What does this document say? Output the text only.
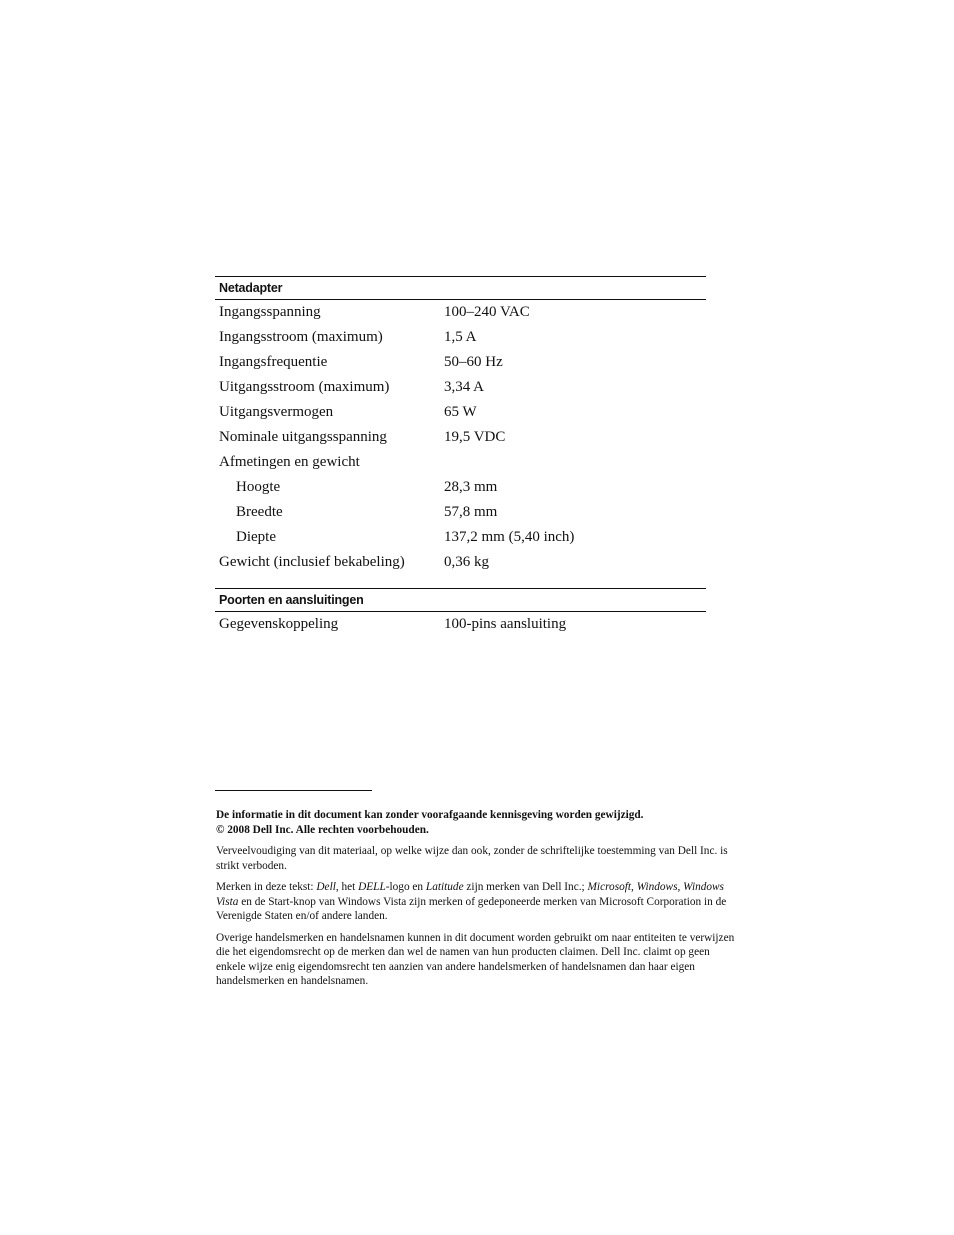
Netadapter
Ingangsspanning	100–240 VAC
Ingangsstroom (maximum)	1,5 A
Ingangsfrequentie	50–60 Hz
Uitgangsstroom (maximum)	3,34 A
Uitgangsvermogen	65 W
Nominale uitgangsspanning	19,5 VDC
Afmetingen en gewicht
Hoogte	28,3 mm
Breedte	57,8 mm
Diepte	137,2 mm (5,40 inch)
Gewicht (inclusief bekabeling)	0,36 kg
Poorten en aansluitingen
Gegevenskoppeling	100-pins aansluiting

De informatie in dit document kan zonder voorafgaande kennisgeving worden gewijzigd.
© 2008 Dell Inc. Alle rechten voorbehouden.

Verveelvoudiging van dit materiaal, op welke wijze dan ook, zonder de schriftelijke toestemming van Dell Inc. is strikt verboden.

Merken in deze tekst: Dell, het DELL-logo en Latitude zijn merken van Dell Inc.; Microsoft, Windows, Windows Vista en de Start-knop van Windows Vista zijn merken of gedeponeerde merken van Microsoft Corporation in de Verenigde Staten en/of andere landen.

Overige handelsmerken en handelsnamen kunnen in dit document worden gebruikt om naar entiteiten te verwijzen die het eigendomsrecht op de merken dan wel de namen van hun producten claimen. Dell Inc. claimt op geen enkele wijze enig eigendomsrecht ten aanzien van andere handelsmerken of handelsnamen dan haar eigen handelsmerken en handelsnamen.
